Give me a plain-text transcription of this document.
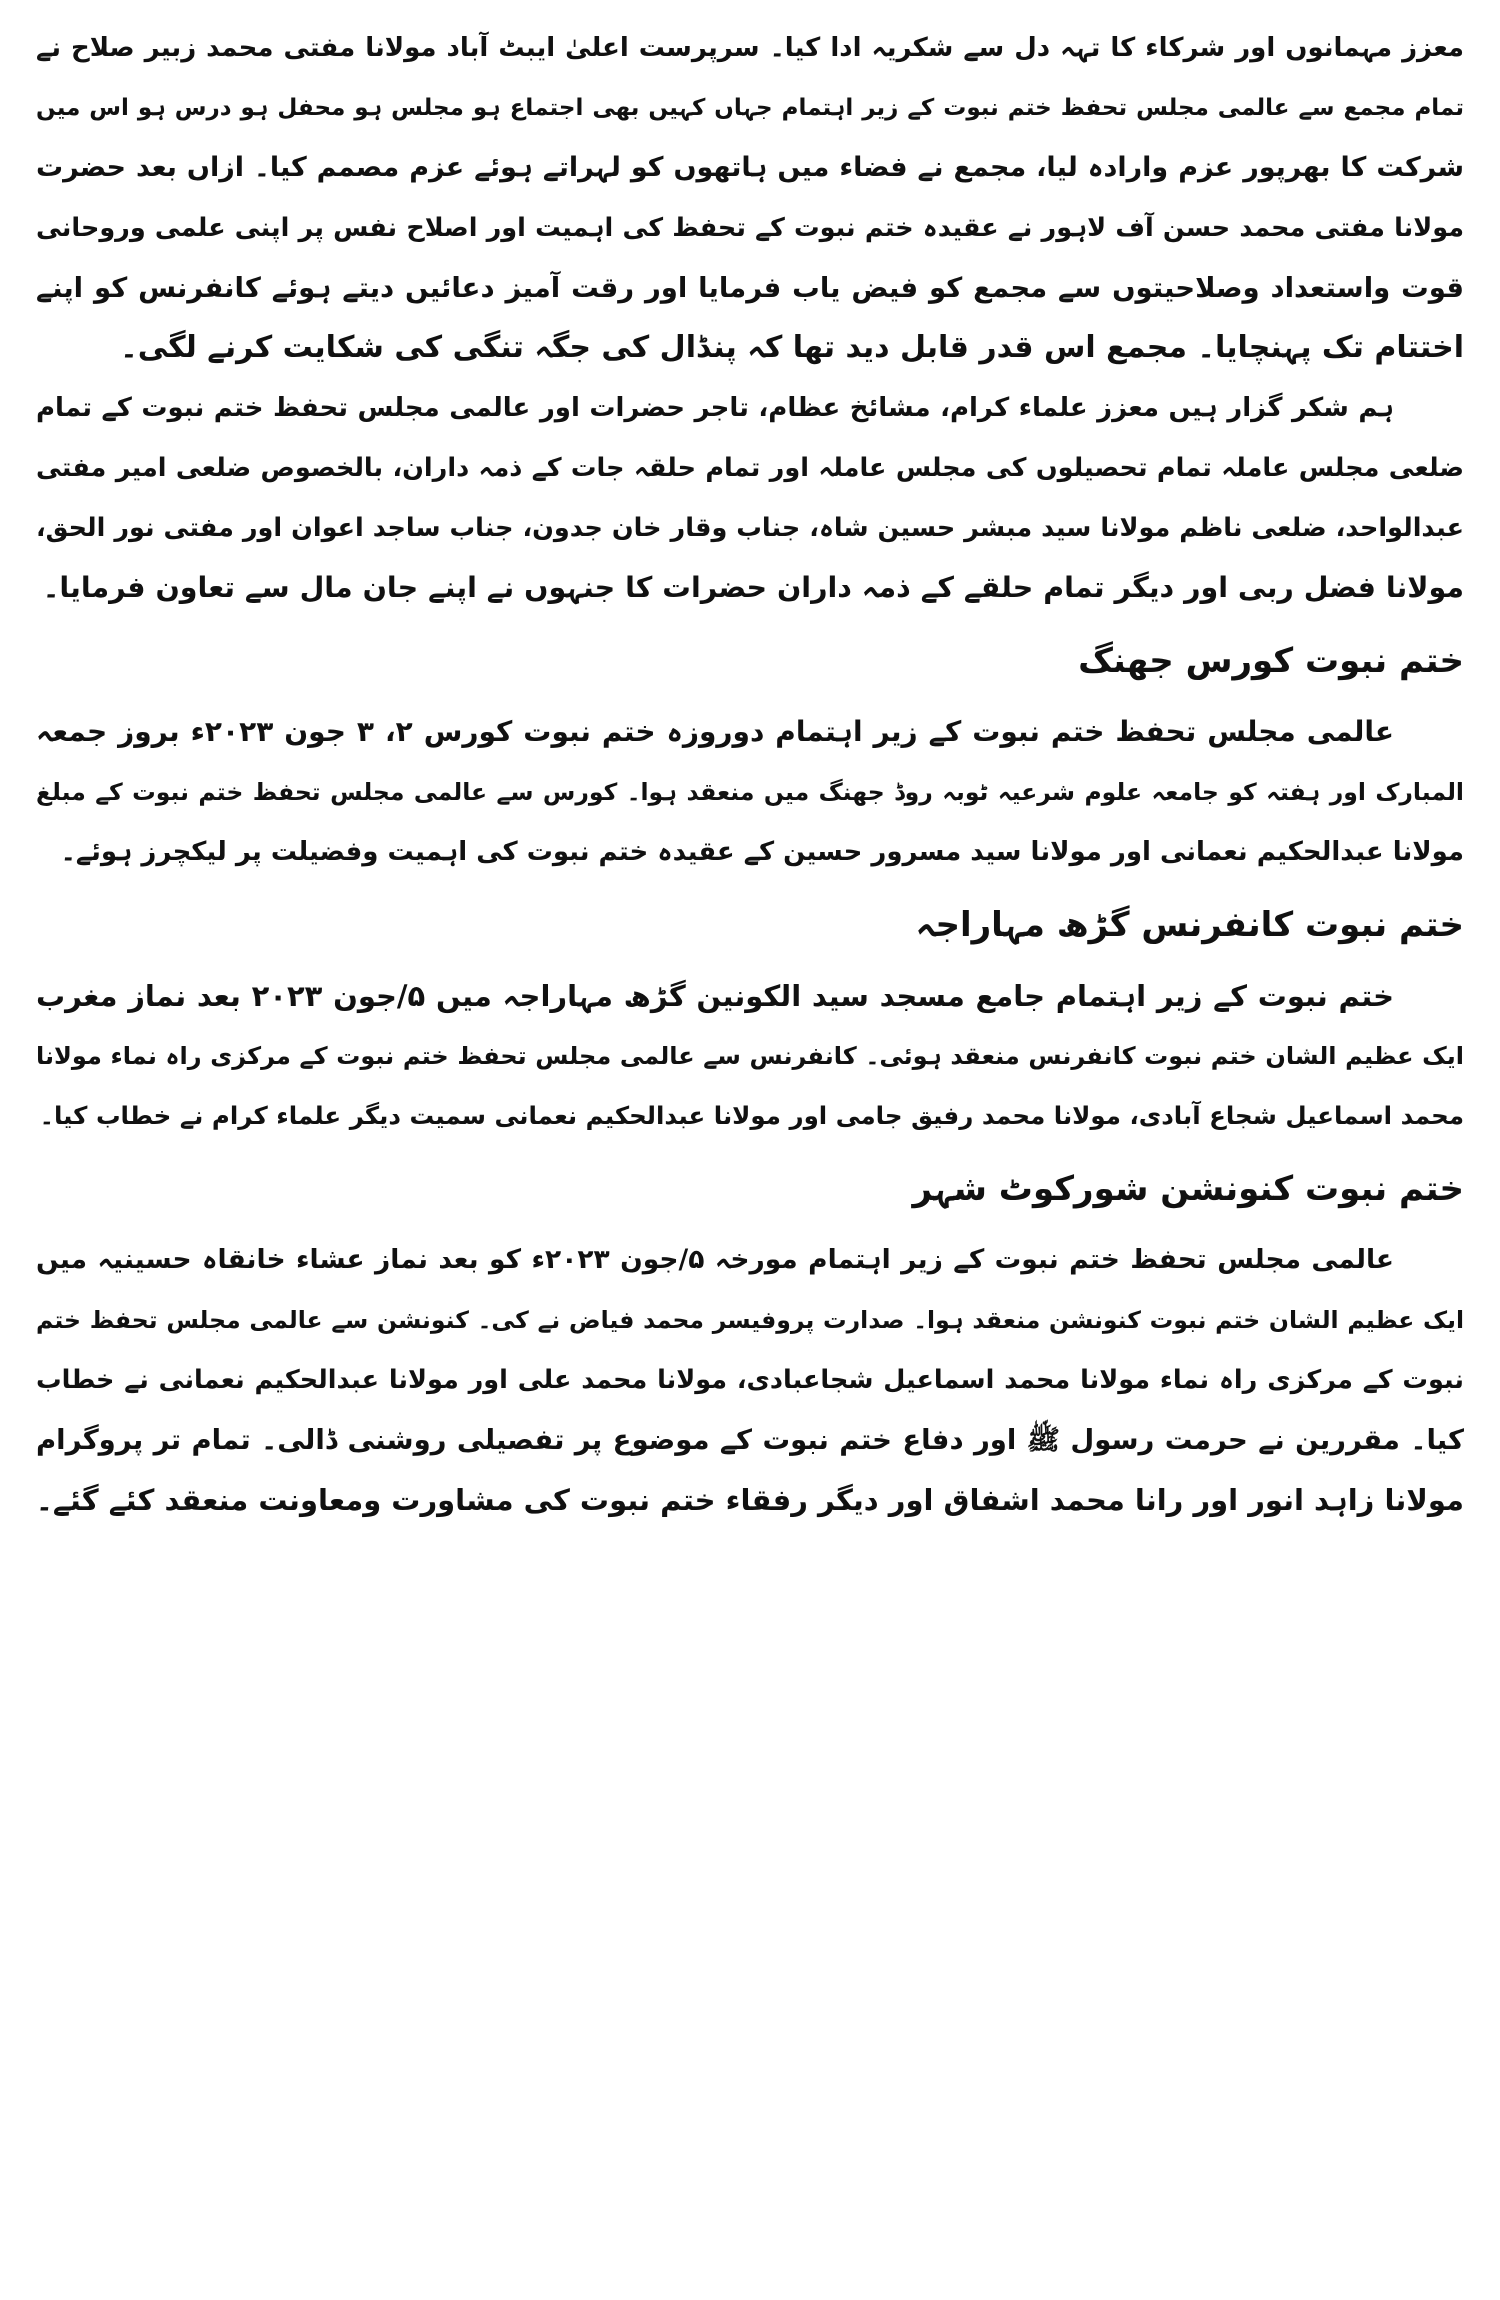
معزز مہمانوں اور شرکاء کا تہہ دل سے شکریہ ادا کیا۔ سرپرست اعلیٰ ایبٹ آباد مولانا مفتی محمد زبیر صلاح نے
تمام مجمع سے عالمی مجلس تحفظ ختم نبوت کے زیر اہتمام جہاں کہیں بھی اجتماع ہو مجلس ہو محفل ہو درس ہو اس میں
شرکت کا بھرپور عزم وارادہ لیا، مجمع نے فضاء میں ہاتھوں کو لہراتے ہوئے عزم مصمم کیا۔ ازاں بعد حضرت
مولانا مفتی محمد حسن آف لاہور نے عقیدہ ختم نبوت کے تحفظ کی اہمیت اور اصلاح نفس پر اپنی علمی وروحانی
قوت واستعداد وصلاحیتوں سے مجمع کو فیض یاب فرمایا اور رقت آمیز دعائیں دیتے ہوئے کانفرنس کو اپنے
اختتام تک پہنچایا۔ مجمع اس قدر قابل دید تھا کہ پنڈال کی جگہ تنگی کی شکایت کرنے لگی۔
ہم شکر گزار ہیں معزز علماء کرام، مشائخ عظام، تاجر حضرات اور عالمی مجلس تحفظ ختم نبوت کے تمام
ضلعی مجلس عاملہ تمام تحصیلوں کی مجلس عاملہ اور تمام حلقہ جات کے ذمہ داران، بالخصوص ضلعی امیر مفتی
عبدالواحد، ضلعی ناظم مولانا سید مبشر حسین شاہ، جناب وقار خان جدون، جناب ساجد اعوان اور مفتی نور الحق،
مولانا فضل ربی اور دیگر تمام حلقے کے ذمہ داران حضرات کا جنہوں نے اپنے جان مال سے تعاون فرمایا۔
ختم نبوت کورس جھنگ
عالمی مجلس تحفظ ختم نبوت کے زیر اہتمام دوروزہ ختم نبوت کورس ۲، ۳ جون ۲۰۲۳ء بروز جمعہ
المبارک اور ہفتہ کو جامعہ علوم شرعیہ ٹوبہ روڈ جھنگ میں منعقد ہوا۔ کورس سے عالمی مجلس تحفظ ختم نبوت کے مبلغ
مولانا عبدالحکیم نعمانی اور مولانا سید مسرور حسین کے عقیدہ ختم نبوت کی اہمیت وفضیلت پر لیکچرز ہوئے۔
ختم نبوت کانفرنس گڑھ مہاراجہ
ختم نبوت کے زیر اہتمام جامع مسجد سید الکونین گڑھ مہاراجہ میں ۵/جون ۲۰۲۳ بعد نماز مغرب
ایک عظیم الشان ختم نبوت کانفرنس منعقد ہوئی۔ کانفرنس سے عالمی مجلس تحفظ ختم نبوت کے مرکزی راہ نماء مولانا
محمد اسماعیل شجاع آبادی، مولانا محمد رفیق جامی اور مولانا عبدالحکیم نعمانی سمیت دیگر علماء کرام نے خطاب کیا۔
ختم نبوت کنونشن شورکوٹ شہر
عالمی مجلس تحفظ ختم نبوت کے زیر اہتمام مورخہ ۵/جون ۲۰۲۳ء کو بعد نماز عشاء خانقاہ حسینیہ میں
ایک عظیم الشان ختم نبوت کنونشن منعقد ہوا۔ صدارت پروفیسر محمد فیاض نے کی۔ کنونشن سے عالمی مجلس تحفظ ختم
نبوت کے مرکزی راہ نماء مولانا محمد اسماعیل شجاعبادی، مولانا محمد علی اور مولانا عبدالحکیم نعمانی نے خطاب
کیا۔ مقررین نے حرمت رسول ﷺ اور دفاع ختم نبوت کے موضوع پر تفصیلی روشنی ڈالی۔ تمام تر پروگرام
مولانا زاہد انور اور رانا محمد اشفاق اور دیگر رفقاء ختم نبوت کی مشاورت ومعاونت منعقد کئے گئے۔
